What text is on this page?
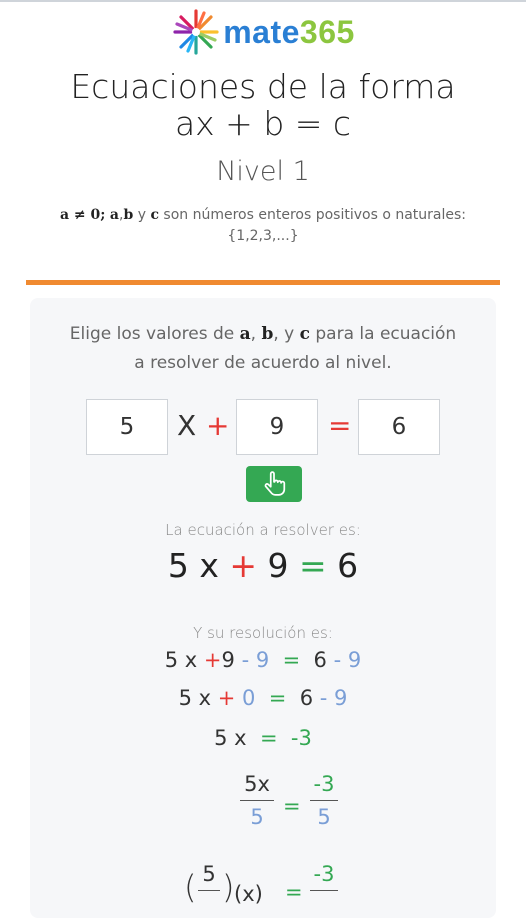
mate365
Ecuaciones de la forma
ax + b = c
Nivel 1
a ≠ 0; a,b y c son números enteros positivos o naturales:
{1,2,3,...}
Elige los valores de a, b, y c para la ecuación
a resolver de acuerdo al nivel.
5
X +
9	=
6
La ecuación a resolver es:
5 x + 9 = 6
Y su resolución es:
5 x +9 - 9 = 6 - 9
5 x + 0 = 6 - 9
5 x = -3
5x
5 =
-3
5
( 5 ) (x) =
-3
